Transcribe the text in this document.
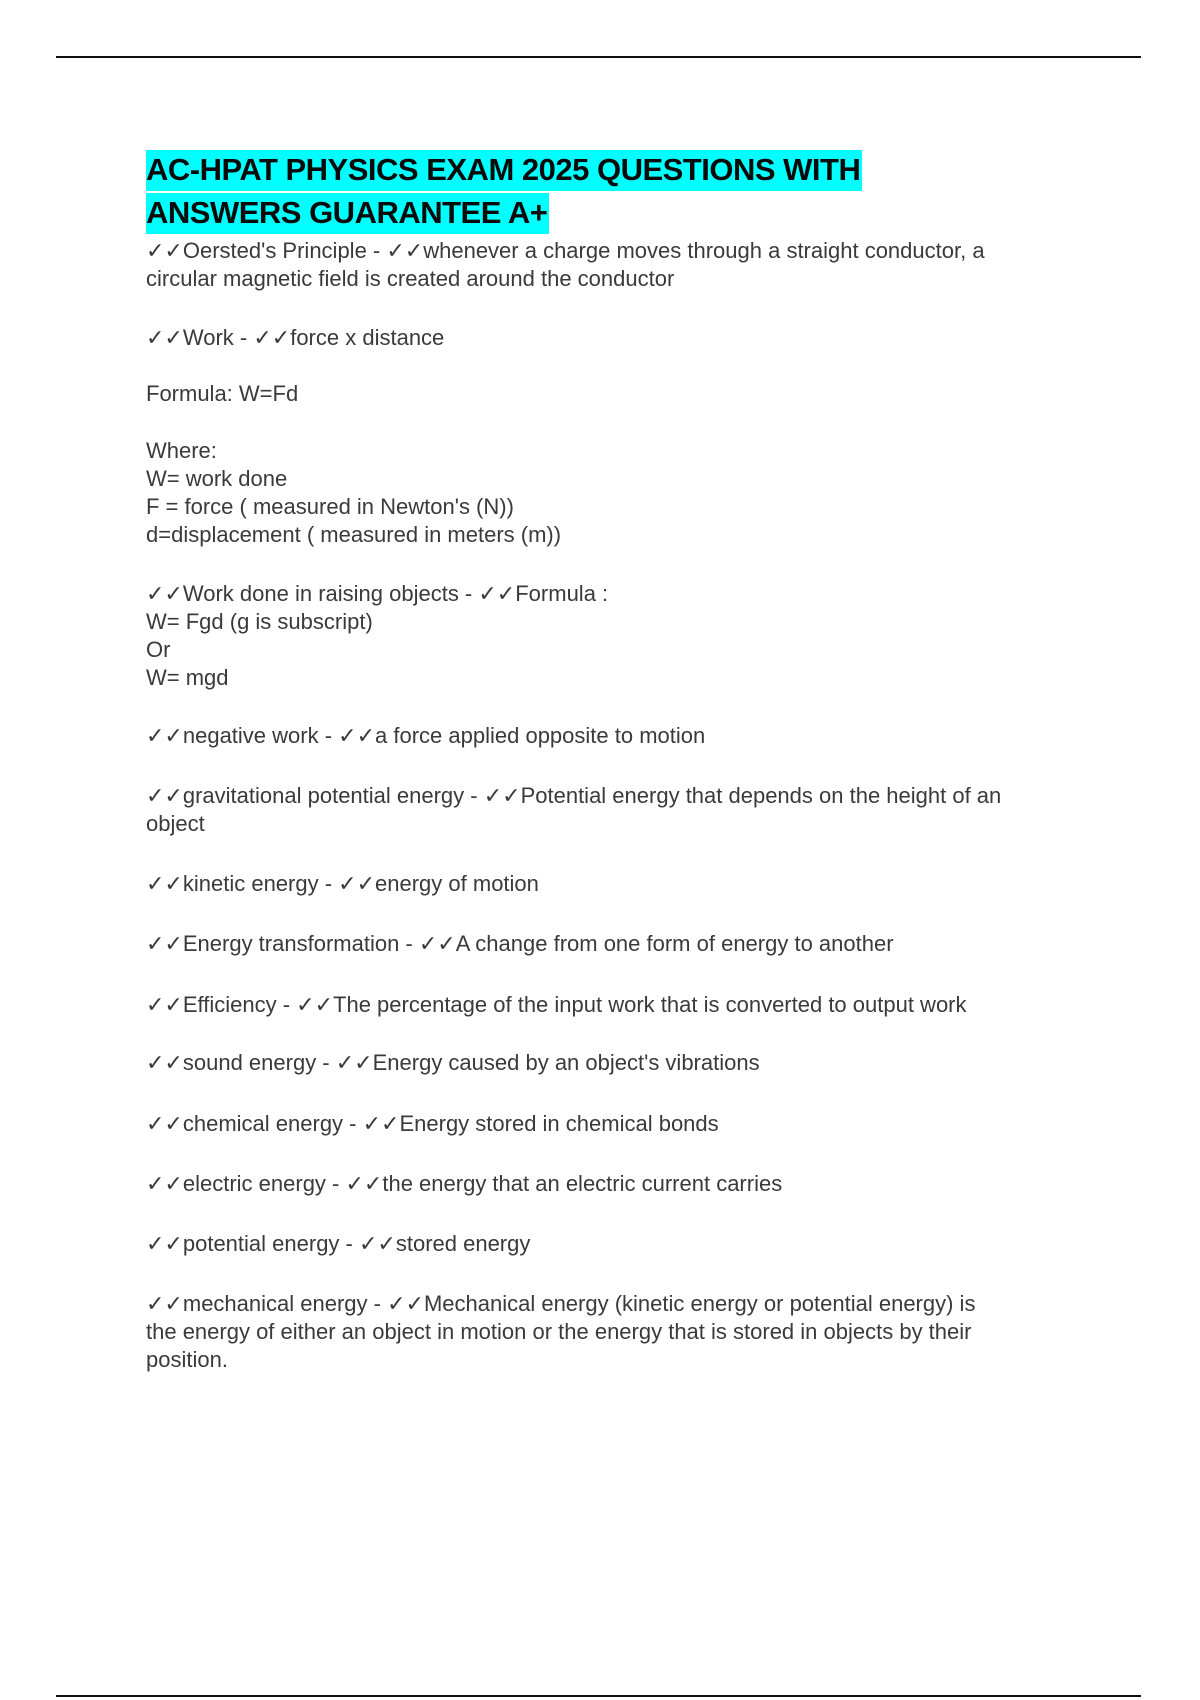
AC-HPAT PHYSICS EXAM 2025 QUESTIONS WITH
ANSWERS GUARANTEE A+
✓✓Oersted's Principle - ✓✓whenever a charge moves through a straight conductor, a
circular magnetic field is created around the conductor
✓✓Work - ✓✓force x distance
Formula: W=Fd
Where:
W= work done
F = force ( measured in Newton's (N))
d=displacement ( measured in meters (m))
✓✓Work done in raising objects - ✓✓Formula :
W= Fgd (g is subscript)
Or
W= mgd
✓✓negative work - ✓✓a force applied opposite to motion
✓✓gravitational potential energy - ✓✓Potential energy that depends on the height of an
object
✓✓kinetic energy - ✓✓energy of motion
✓✓Energy transformation - ✓✓A change from one form of energy to another
✓✓Efficiency - ✓✓The percentage of the input work that is converted to output work
✓✓sound energy - ✓✓Energy caused by an object's vibrations
✓✓chemical energy - ✓✓Energy stored in chemical bonds
✓✓electric energy - ✓✓the energy that an electric current carries
✓✓potential energy - ✓✓stored energy
✓✓mechanical energy - ✓✓Mechanical energy (kinetic energy or potential energy) is
the energy of either an object in motion or the energy that is stored in objects by their
position.
